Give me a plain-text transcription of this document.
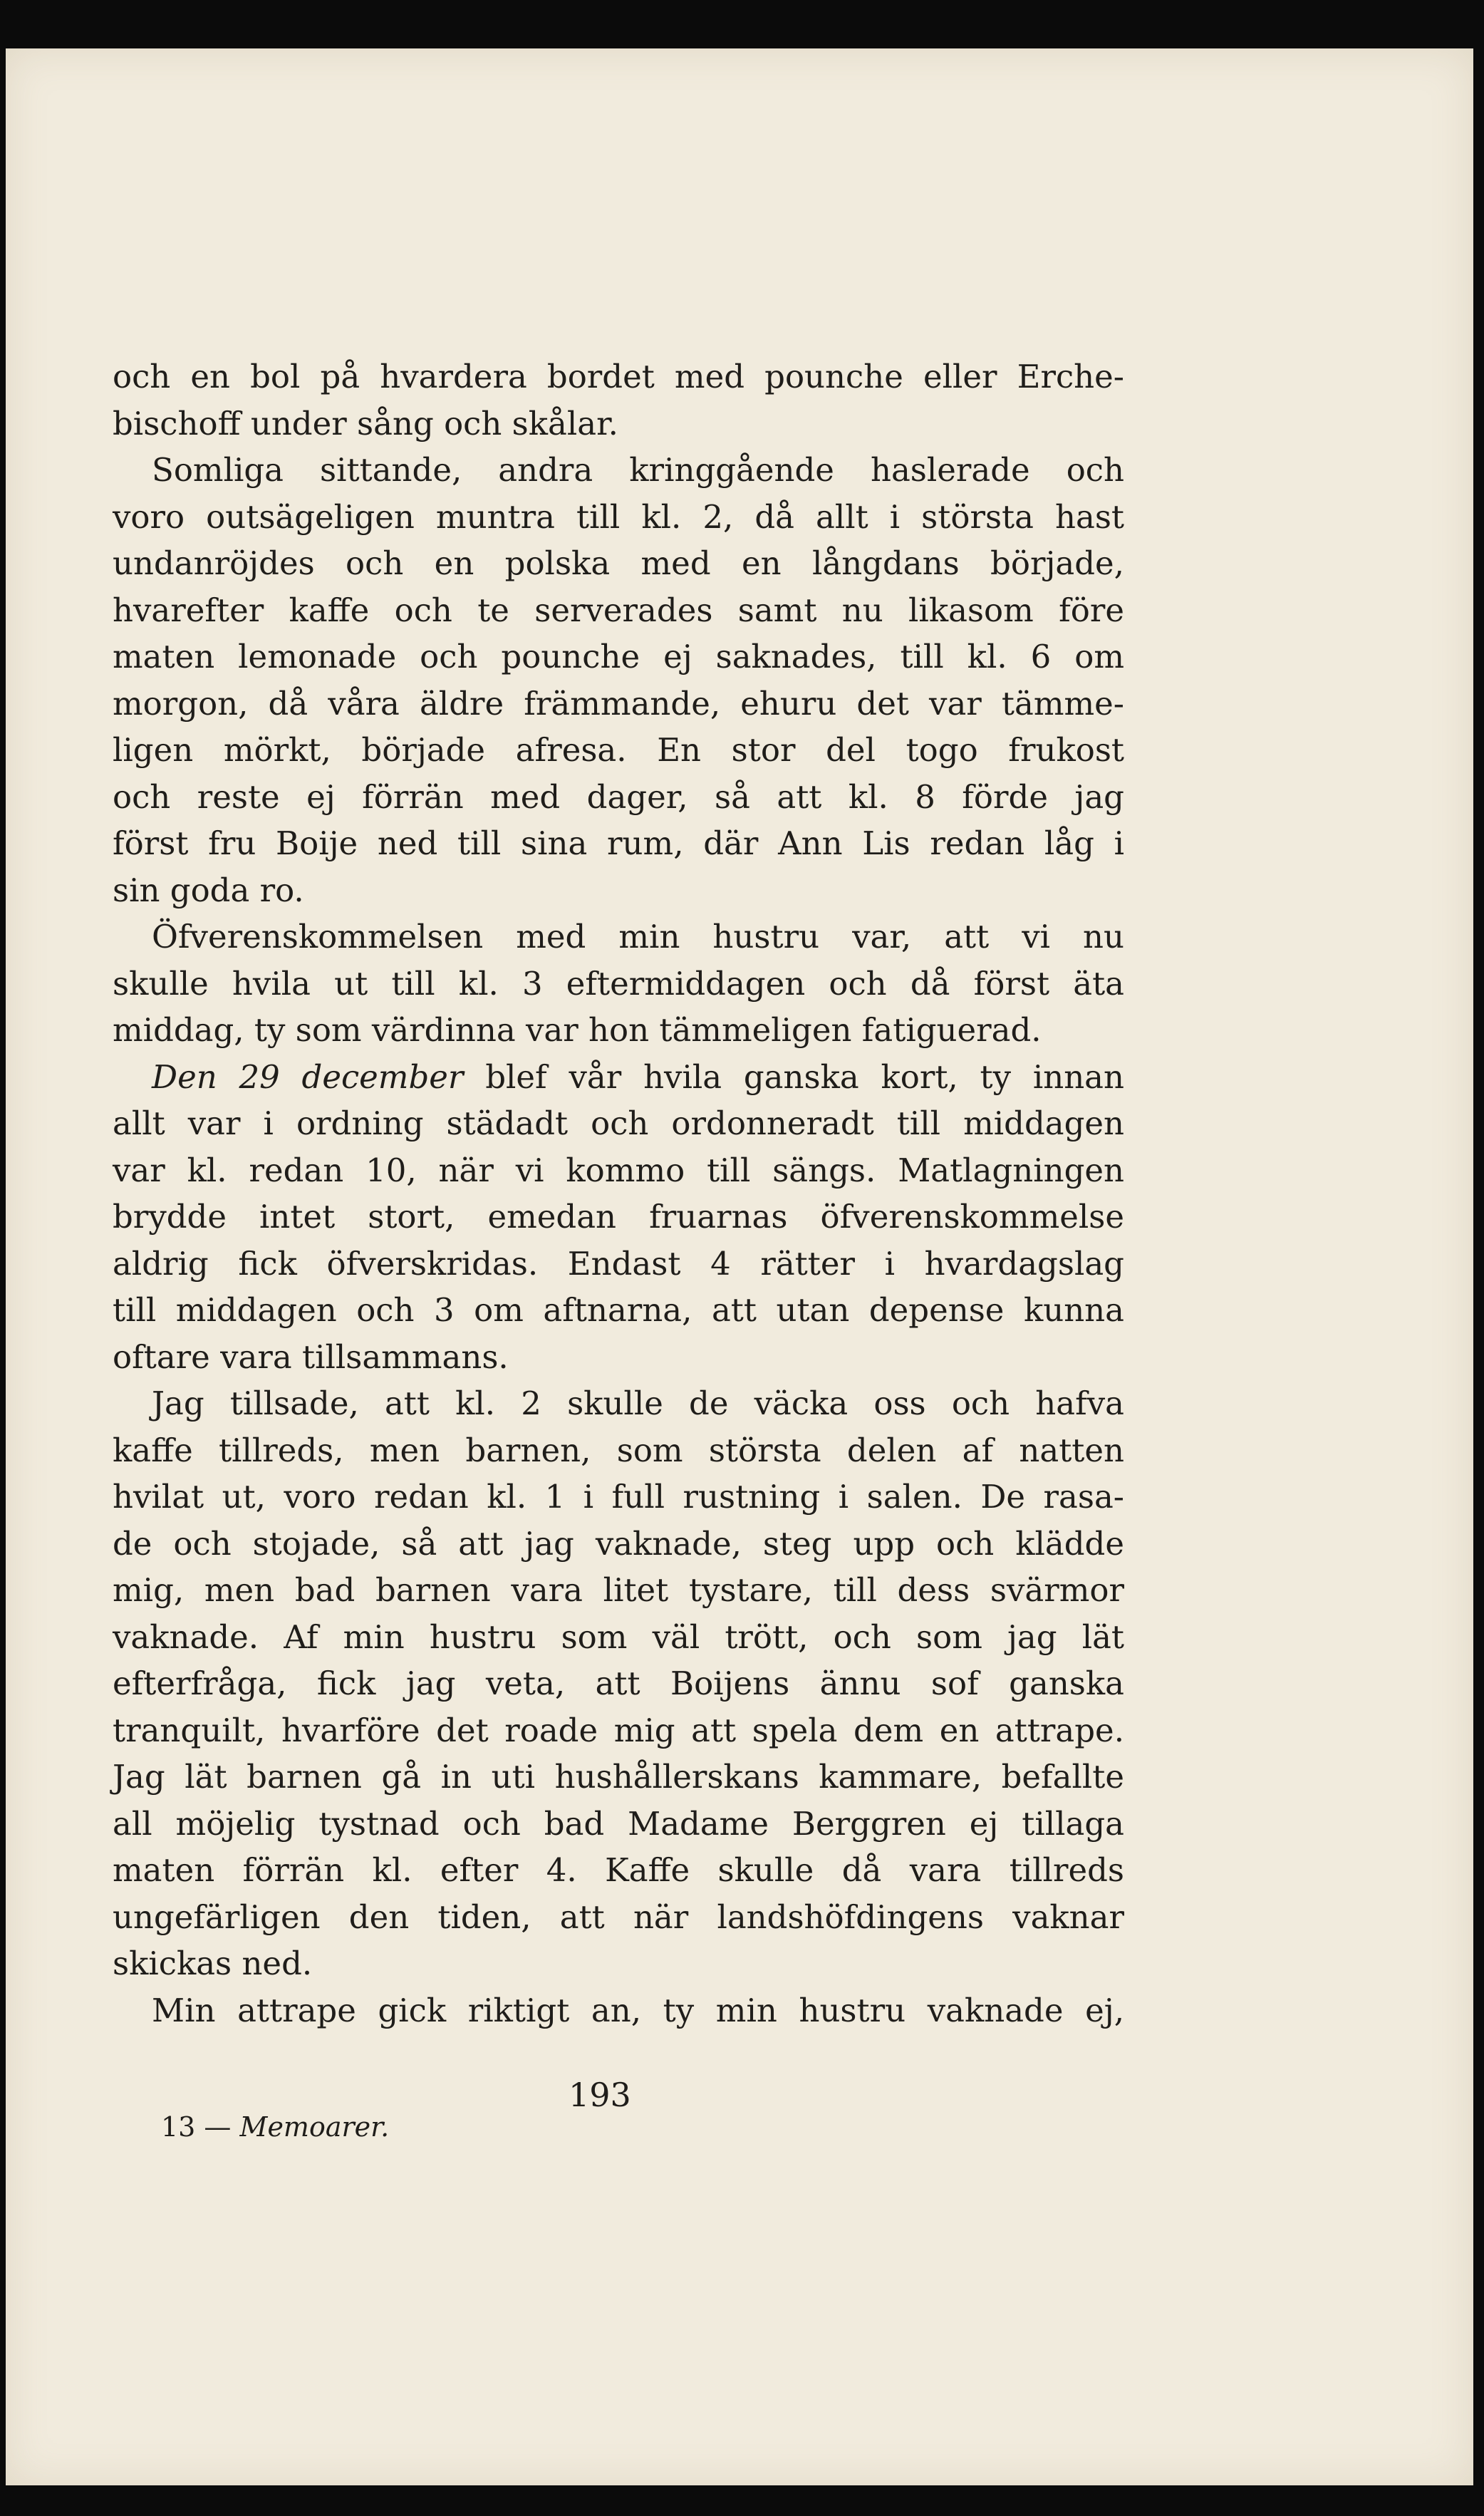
och en bol på hvardera bordet med pounche eller Erche-
bischoff under sång och skålar.

Somliga sittande, andra kringgående haslerade och
voro outsägeligen muntra till kl. 2, då allt i största hast
undanröjdes och en polska med en långdans började,
hvarefter kaffe och te serverades samt nu likasom före
maten lemonade och pounche ej saknades, till kl. 6 om
morgon, då våra äldre främmande, ehuru det var tämme-
ligen mörkt, började afresa. En stor del togo frukost
och reste ej förrän med dager, så att kl. 8 förde jag
först fru Boije ned till sina rum, där Ann Lis redan låg i
sin goda ro.

Öfverenskommelsen med min hustru var, att vi nu
skulle hvila ut till kl. 3 eftermiddagen och då först äta
middag, ty som värdinna var hon tämmeligen fatiguerad.

Den 29 december blef vår hvila ganska kort, ty innan
allt var i ordning städadt och ordonneradt till middagen
var kl. redan 10, när vi kommo till sängs. Matlagningen
brydde intet stort, emedan fruarnas öfverenskommelse
aldrig fick öfverskridas. Endast 4 rätter i hvardagslag
till middagen och 3 om aftnarna, att utan depense kunna
oftare vara tillsammans.

Jag tillsade, att kl. 2 skulle de väcka oss och hafva
kaffe tillreds, men barnen, som största delen af natten
hvilat ut, voro redan kl. 1 i full rustning i salen. De rasa-
de och stojade, så att jag vaknade, steg upp och klädde
mig, men bad barnen vara litet tystare, till dess svärmor
vaknade. Af min hustru som väl trött, och som jag lät
efterfråga, fick jag veta, att Boijens ännu sof ganska
tranquilt, hvarföre det roade mig att spela dem en attrape.
Jag lät barnen gå in uti hushållerskans kammare, befallte
all möjelig tystnad och bad Madame Berggren ej tillaga
maten förrän kl. efter 4. Kaffe skulle då vara tillreds
ungefärligen den tiden, att när landshöfdingens vaknar
skickas ned.

Min attrape gick riktigt an, ty min hustru vaknade ej,

193
13 — Memoarer.
